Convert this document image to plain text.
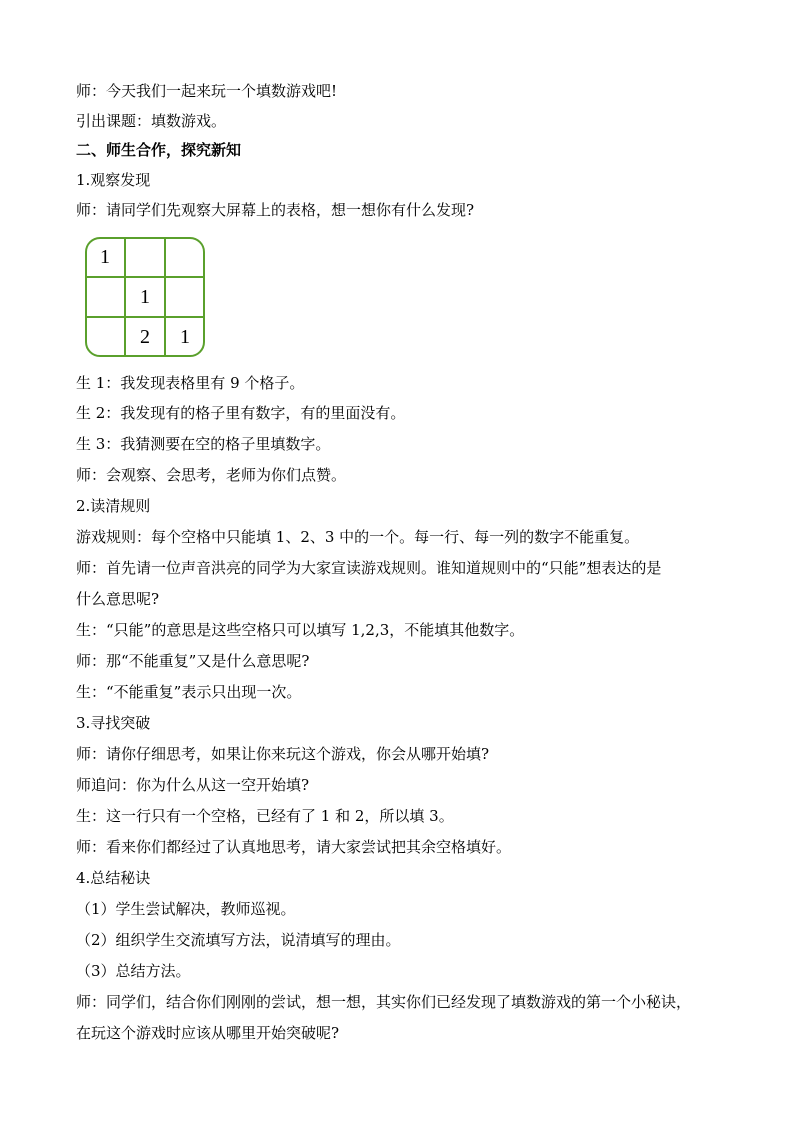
师：今天我们一起来玩一个填数游戏吧!
引出课题：填数游戏。
二、师生合作，探究新知
1.观察发现
师：请同学们先观察大屏幕上的表格，想一想你有什么发现?
1
1
2	1
生 1：我发现表格里有 9 个格子。
生 2：我发现有的格子里有数字，有的里面没有。
生 3：我猜测要在空的格子里填数字。
师：会观察、会思考，老师为你们点赞。
2.读清规则
游戏规则：每个空格中只能填 1、2、3 中的一个。每一行、每一列的数字不能重复。
师：首先请一位声音洪亮的同学为大家宣读游戏规则。谁知道规则中的“只能”想表达的是
什么意思呢?
生：“只能”的意思是这些空格只可以填写 1,2,3，不能填其他数字。
师：那“不能重复”又是什么意思呢?
生：“不能重复”表示只出现一次。
3.寻找突破
师：请你仔细思考，如果让你来玩这个游戏，你会从哪开始填?
师追问：你为什么从这一空开始填?
生：这一行只有一个空格，已经有了 1 和 2，所以填 3。
师：看来你们都经过了认真地思考，请大家尝试把其余空格填好。
4.总结秘诀
（1）学生尝试解决，教师巡视。
（2）组织学生交流填写方法，说清填写的理由。
（3）总结方法。
师：同学们，结合你们刚刚的尝试，想一想，其实你们已经发现了填数游戏的第一个小秘诀，
在玩这个游戏时应该从哪里开始突破呢?
